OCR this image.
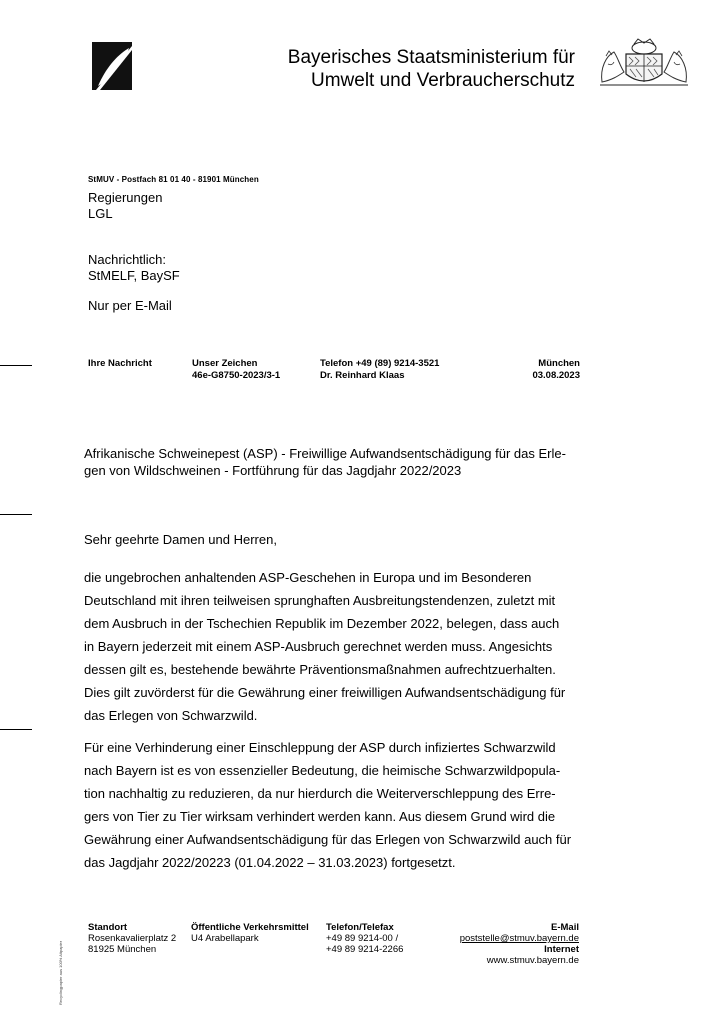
Bayerisches Staatsministerium für
Umwelt und Verbraucherschutz
StMUV - Postfach 81 01 40 - 81901 München
Regierungen
LGL
Nachrichtlich:
StMELF, BaySF
Nur per E-Mail
Ihre Nachricht	Unser Zeichen
46e-G8750-2023/3-1
Telefon +49 (89) 9214-3521
Dr. Reinhard Klaas
München
03.08.2023
Afrikanische Schweinepest (ASP) - Freiwillige Aufwandsentschädigung für das Erle-
gen von Wildschweinen - Fortführung für das Jagdjahr 2022/2023
Sehr geehrte Damen und Herren,
die ungebrochen anhaltenden ASP-Geschehen in Europa und im Besonderen
Deutschland mit ihren teilweisen sprunghaften Ausbreitungstendenzen, zuletzt mit
dem Ausbruch in der Tschechien Republik im Dezember 2022, belegen, dass auch
in Bayern jederzeit mit einem ASP-Ausbruch gerechnet werden muss. Angesichts
dessen gilt es, bestehende bewährte Präventionsmaßnahmen aufrechtzuerhalten.
Dies gilt zuvörderst für die Gewährung einer freiwilligen Aufwandsentschädigung für
das Erlegen von Schwarzwild.
Für eine Verhinderung einer Einschleppung der ASP durch infiziertes Schwarzwild
nach Bayern ist es von essenzieller Bedeutung, die heimische Schwarzwildpopula-
tion nachhaltig zu reduzieren, da nur hierdurch die Weiterverschleppung des Erre-
gers von Tier zu Tier wirksam verhindert werden kann. Aus diesem Grund wird die
Gewährung einer Aufwandsentschädigung für das Erlegen von Schwarzwild auch für
das Jagdjahr 2022/20223 (01.04.2022 – 31.03.2023) fortgesetzt.
Recyclingpapier aus 100% Altpapier
Standort
Rosenkavalierplatz 2
81925 München
Öffentliche Verkehrsmittel
U4 Arabellapark
Telefon/Telefax
+49 89 9214-00 /
+49 89 9214-2266
E-Mail
poststelle@stmuv.bayern.de
Internet
www.stmuv.bayern.de
